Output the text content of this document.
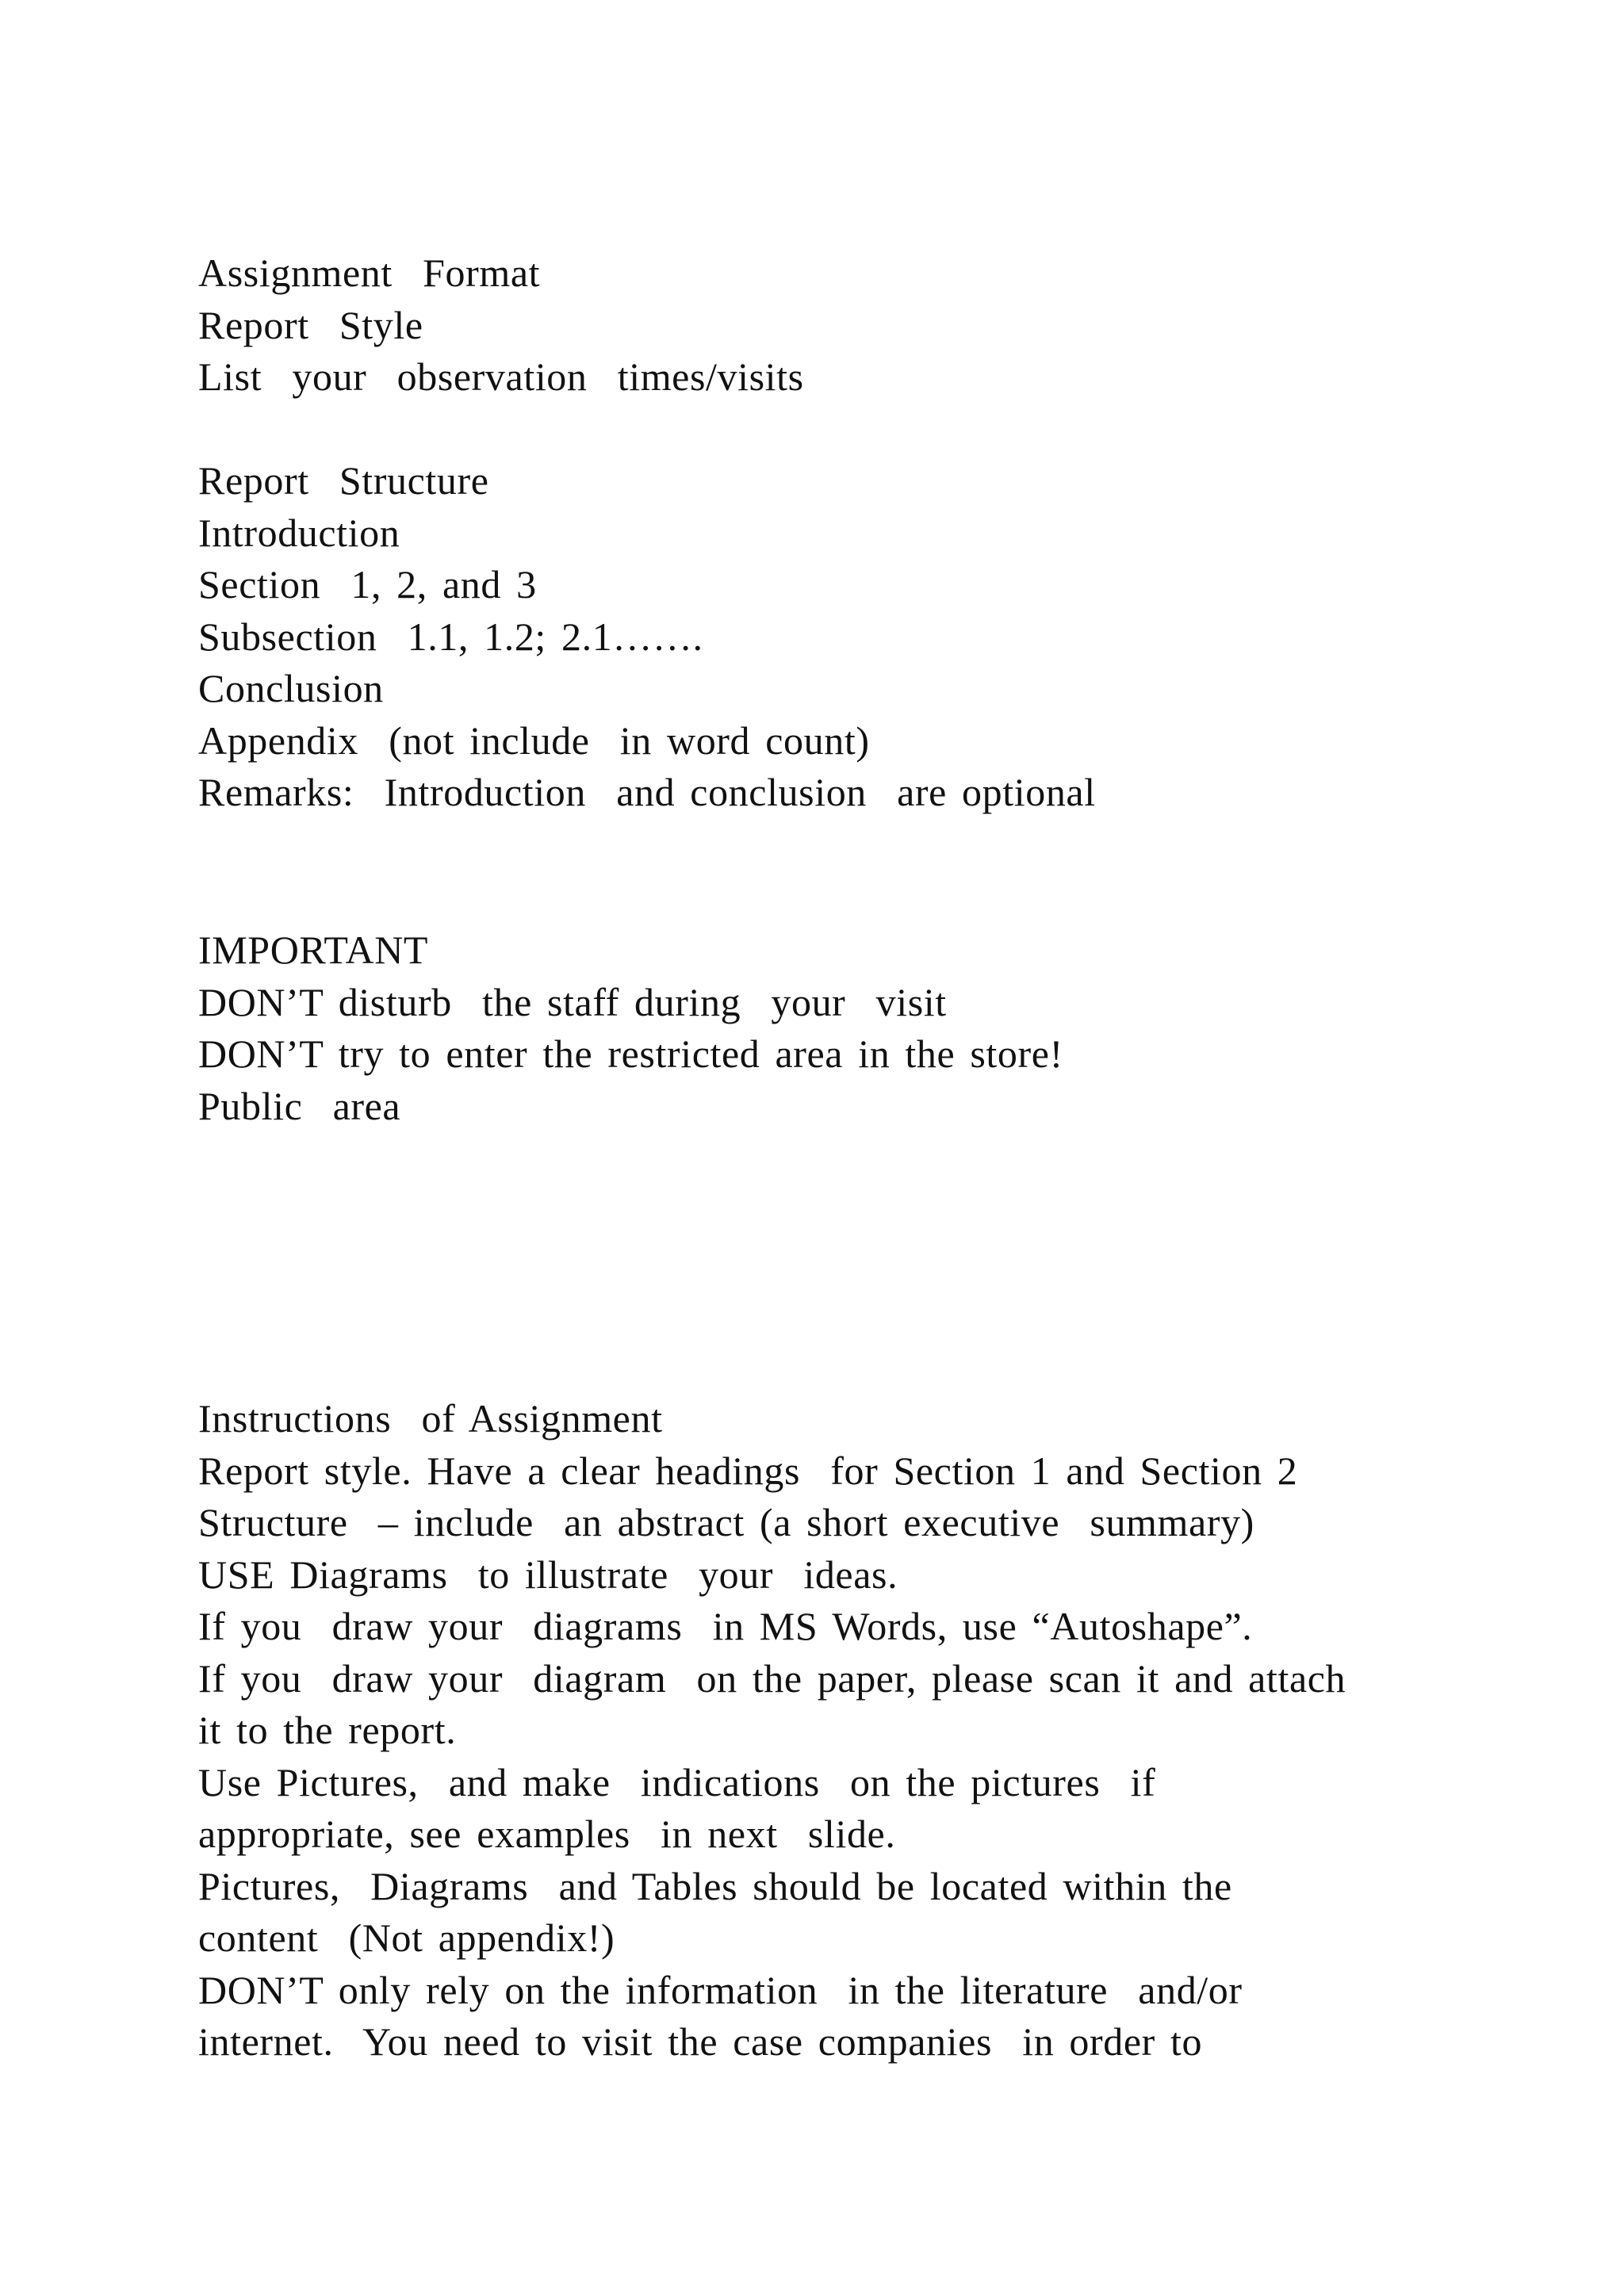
Assignment  Format
Report  Style
List  your  observation  times/visits
Report  Structure
Introduction
Section  1, 2, and 3
Subsection  1.1, 1.2; 2.1…….
Conclusion
Appendix  (not include  in word count)
Remarks:  Introduction  and conclusion  are optional
IMPORTANT
DON’T disturb  the staff during  your  visit
DON’T try to enter the restricted area in the store!
Public  area
Instructions  of Assignment
Report style. Have a clear headings  for Section 1 and Section 2
Structure  – include  an abstract (a short executive  summary)
USE Diagrams  to illustrate  your  ideas.
If you  draw your  diagrams  in MS Words, use “Autoshape”.
If you  draw your  diagram  on the paper, please scan it and attach
it to the report.
Use Pictures,  and make  indications  on the pictures  if
appropriate, see examples  in next  slide.
Pictures,  Diagrams  and Tables should be located within the
content  (Not appendix!)
DON’T only rely on the information  in the literature  and/or
internet.  You need to visit the case companies  in order to
